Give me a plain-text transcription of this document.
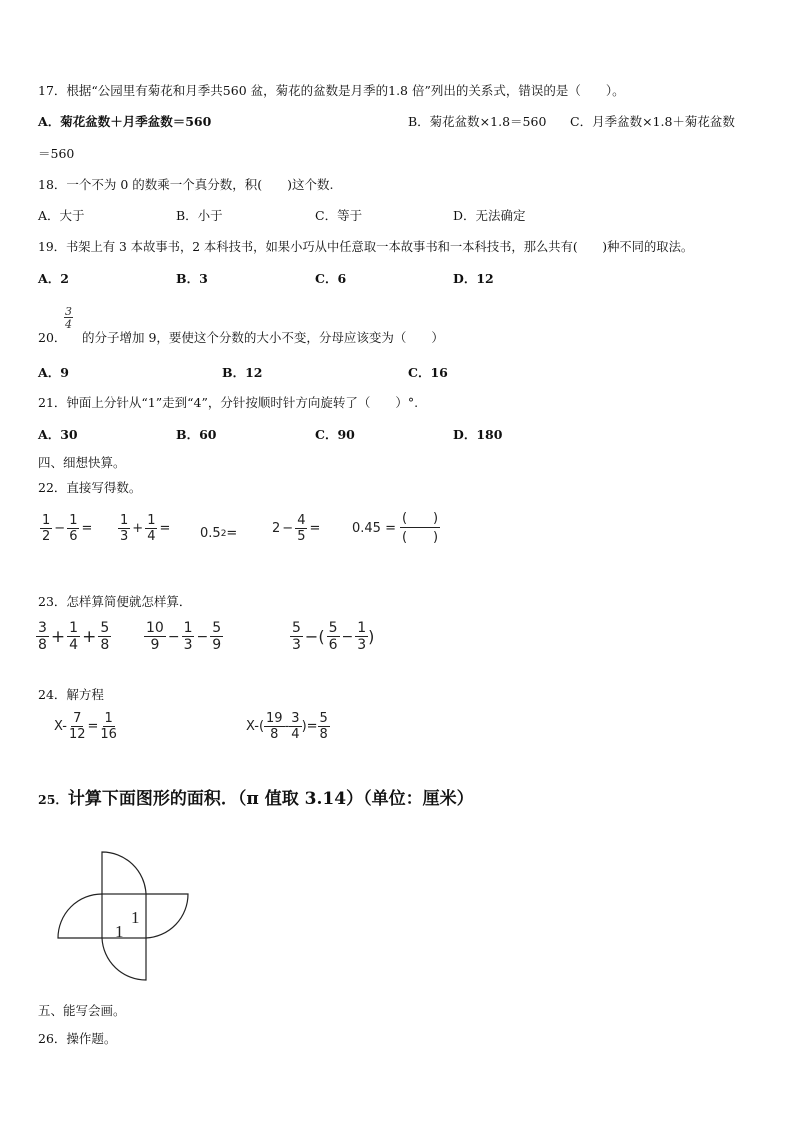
17．根据“公园里有菊花和月季共560 盆，菊花的盆数是月季的1.8 倍”列出的关系式，错误的是（　　）。
A．菊花盆数＋月季盆数＝560	B．菊花盆数×1.8＝560 C．月季盆数×1.8＋菊花盆数
＝560
18．一个不为 0 的数乘一个真分数，积(　　)这个数.
A．大于	B．小于	C．等于	D．无法确定
19．书架上有 3 本故事书，2 本科技书，如果小巧从中任意取一本故事书和一本科技书，那么共有(　　)种不同的取法。
A．2	B．3	C．6	D．12
20．
$\frac{3}{4}$
的分子增加 9，要使这个分数的大小不变，分母应该变为（　　）
A．9	B．12	C．16
21．钟面上分针从“1”走到“4”，分针按顺时针方向旋转了（　　）°.
A．30	B．60	C．90	D．180
四、细想快算。
22．直接写得数。
$\frac{1}{2} - \frac{1}{6} = \frac{1}{3} + \frac{1}{4} = 0.5$ 2 =	$2 - \frac{4}{5} = 0.45 = \frac{( )}{( )}$
23．怎样算简便就怎样算．
$\frac{3}{8} + \frac{1}{4} + \frac{5}{8} \frac{10}{9} - \frac{1}{3} - \frac{5}{9}$	$\frac{5}{3}$ −( $\frac{5}{6} - \frac{1}{3}$ )
24．解方程
$X- \frac{7}{12} = \frac{1}{16}$	$X-( \frac{19}{8} - \frac{3}{4}$ )= $\frac{5}{8}$
25．计算下面图形的面积．（π 值取 3.14）（单位：厘米）
1
1
五、能写会画。
26．操作题。
